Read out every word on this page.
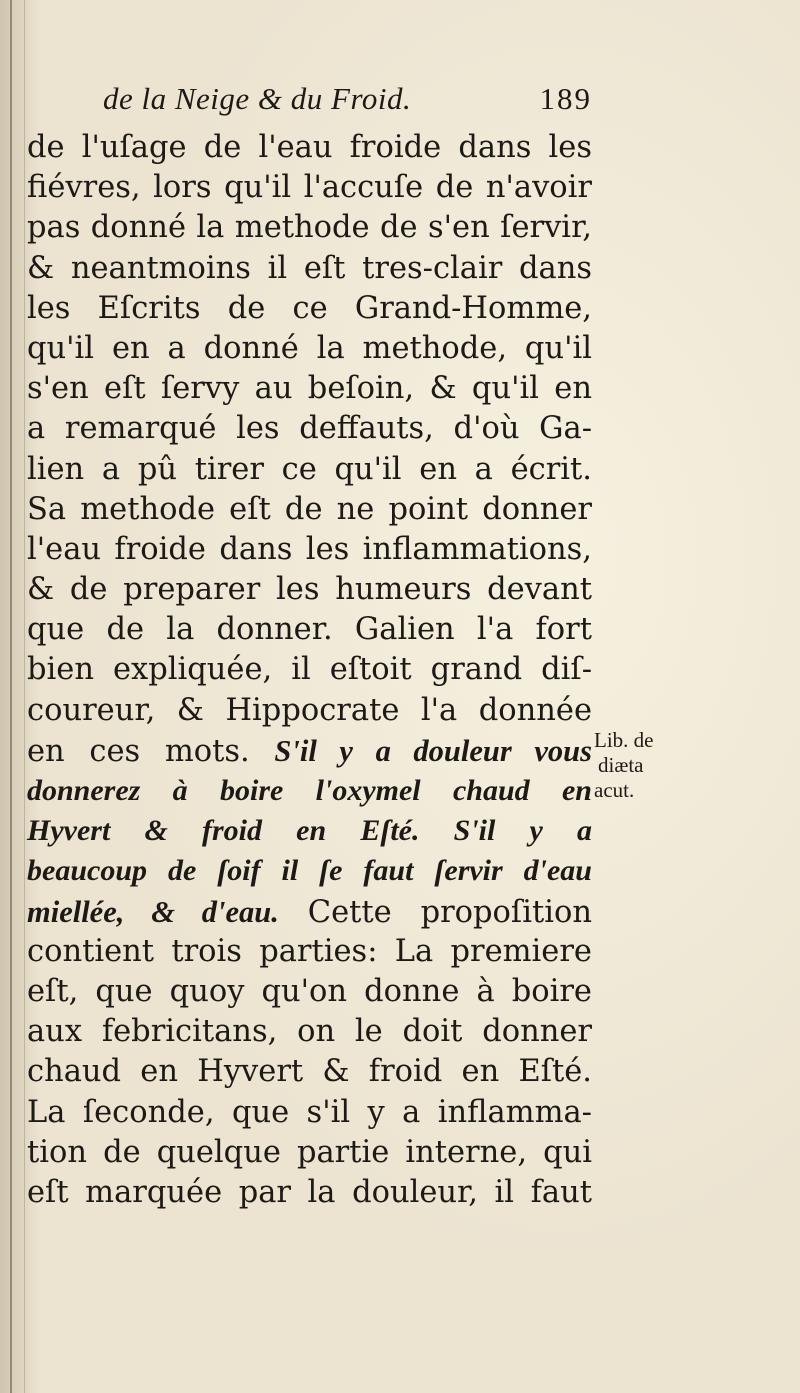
de la Neige & du Froid.	189
de l'uſage de l'eau froide dans les
fiévres, lors qu'il l'accuſe de n'avoir
pas donné la methode de s'en ſervir,
& neantmoins il eſt tres-clair dans
les Eſcrits de ce Grand-Homme,
qu'il en a donné la methode, qu'il
s'en eſt ſervy au beſoin, & qu'il en
a remarqué les deffauts, d'où Ga-
lien a pû tirer ce qu'il en a écrit.
Sa methode eſt de ne point donner
l'eau froide dans les inflammations,
& de preparer les humeurs devant
que de la donner. Galien l'a fort
bien expliquée, il eſtoit grand diſ-
coureur, & Hippocrate l'a donnée
en ces mots. S'il y a douleur vous
donnerez à boire l'oxymel chaud en
Hyvert & froid en Eſté. S'il y a
beaucoup de ſoif il ſe faut ſervir d'eau
miellée, & d'eau. Cette propoſition
contient trois parties: La premiere
eſt, que quoy qu'on donne à boire
aux febricitans, on le doit donner
chaud en Hyvert & froid en Eſté.
La ſeconde, que s'il y a inflamma-
tion de quelque partie interne, qui
eſt marquée par la douleur, il faut
Lib. de
diæta
acut.
